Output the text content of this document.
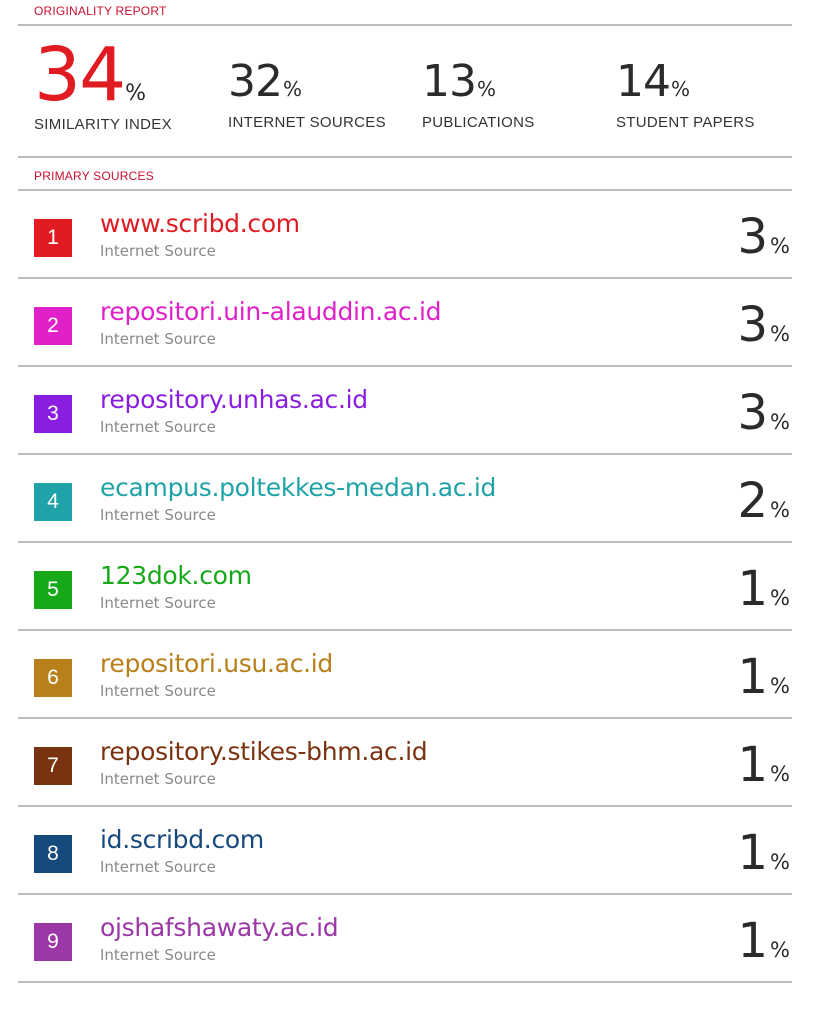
ORIGINALITY REPORT
34%
SIMILARITY INDEX
32%
INTERNET SOURCES
13%
PUBLICATIONS
14%
STUDENT PAPERS
PRIMARY SOURCES
1	www.scribd.com
Internet Source	3%
2	repositori.uin-alauddin.ac.id
Internet Source	3%
3	repository.unhas.ac.id
Internet Source	3%
4	ecampus.poltekkes-medan.ac.id
Internet Source	2%
5	123dok.com
Internet Source	1%
6	repositori.usu.ac.id
Internet Source	1%
7	repository.stikes-bhm.ac.id
Internet Source	1%
8	id.scribd.com
Internet Source	1%
9	ojshafshawaty.ac.id
Internet Source	1%
